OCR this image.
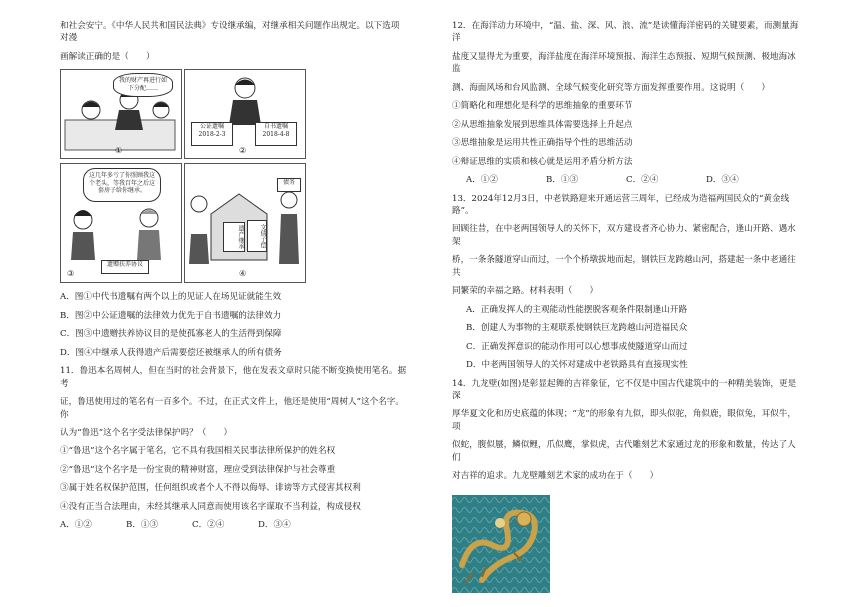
和社会安宁。《中华人民共和国民法典》专设继承编，对继承相关问题作出规定。以下选项对漫
画解读正确的是（　　）
我的财产再进行如下分配……
①
公证遗嘱
2018-2-3
自书遗嘱
2018-4-8
②
这几年多亏了你照顾我这个老头，等我百年之后这套房子给你继承。
遗赠扶养协议
③
遗产继承	文债子偿
债务
④
A．图①中代书遗嘱有两个以上的见证人在场见证就能生效
B．图②中公证遗嘱的法律效力优先于自书遗嘱的法律效力
C．图③中遗赠扶养协议目的是使孤寡老人的生活得到保障
D．图④中继承人获得遗产后需要偿还被继承人的所有债务
11．鲁迅本名周树人，但在当时的社会背景下，他在发表文章时只能不断变换使用笔名。据考
证，鲁迅使用过的笔名有一百多个。不过，在正式文件上，他还是使用“周树人”这个名字。你
认为“鲁迅”这个名字受法律保护吗？（　　）
①“鲁迅”这个名字属于笔名，它不具有我国相关民事法律所保护的姓名权
②“鲁迅”这个名字是一份宝贵的精神财富，理应受到法律保护与社会尊重
③属于姓名权保护范围，任何组织或者个人不得以侮辱、诽谤等方式侵害其权利
④没有正当合法理由，未经其继承人同意而使用该名字谋取不当利益，构成侵权
A．①②	B．①③	C．②④	D．③④
12．在海洋动力环境中，“温、盐、深、风、浪、流”是读懂海洋密码的关键要素，而测量海洋
盐度又显得尤为重要，海洋盐度在海洋环境预报、海洋生态预报、短期气候预测、极地海冰监
测、海面风场和台风监测、全球气候变化研究等方面发挥重要作用。这说明（　　）
①简略化和理想化是科学的思维抽象的重要环节
②从思维抽象发展到思维具体需要选择上升起点
③思维抽象是运用共性正确指导个性的思维活动
④辩证思维的实质和核心就是运用矛盾分析方法
A．①②	B．①③	C．②④	D．③④
13．2024年12月3日，中老铁路迎来开通运营三周年，已经成为造福两国民众的“黄金线路”。
回顾往昔，在中老两国领导人的关怀下，双方建设者齐心协力、紧密配合，逢山开路、遇水架
桥，一条条隧道穿山而过，一个个桥墩拔地而起，钢铁巨龙跨越山河，搭建起一条中老通往共
同繁荣的幸福之路。材料表明（　　）
A．正确发挥人的主观能动性能摆脱客观条件限制逢山开路
B．创建人为事物的主观联系使钢铁巨龙跨越山河造福民众
C．正确发挥意识的能动作用可以心想事成使隧道穿山而过
D．中老两国领导人的关怀对建成中老铁路具有直接现实性
14．九龙壁(如图)是彰显起舞的吉祥象征，它不仅是中国古代建筑中的一种精美装饰，更是深
厚华夏文化和历史底蕴的体现；“龙”的形象有九似，即头似驼，角似鹿，眼似兔，耳似牛，项
似蛇，腹似蜃，鳞似鲤，爪似鹰，掌似虎，古代雕刻艺术家通过龙的形象和数量，传达了人们
对吉祥的追求。九龙壁雕刻艺术家的成功在于（　　）
